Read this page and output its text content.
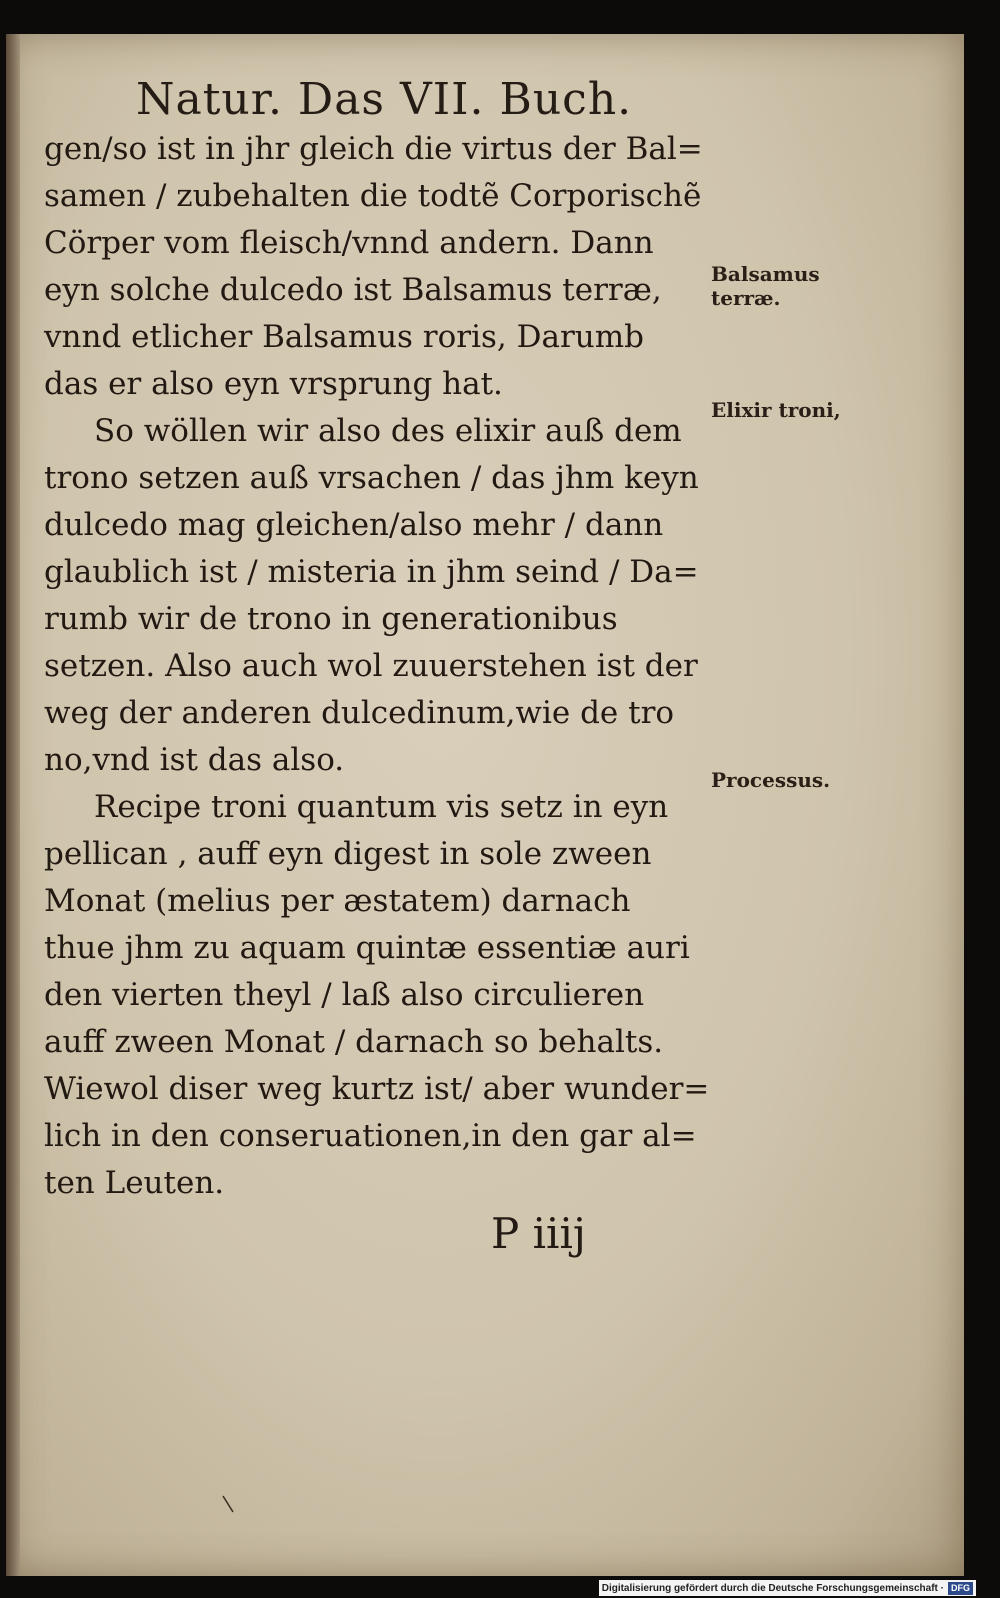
Natur. Das VII. Buch.
gen/so ist in jhr gleich die virtus der Bal=
samen / zubehalten die todtẽ Corporischẽ
Cörper vom fleisch/vnnd andern. Dann
eyn solche dulcedo ist Balsamus terræ,
vnnd etlicher Balsamus roris, Darumb
das er also eyn vrsprung hat.
So wöllen wir also des elixir auß dem
trono setzen auß vrsachen / das jhm keyn
dulcedo mag gleichen/also mehr / dann
glaublich ist / misteria in jhm seind / Da=
rumb wir de trono in generationibus
setzen. Also auch wol zuuerstehen ist der
weg der anderen dulcedinum,wie de tro
no,vnd ist das also.
Recipe troni quantum vis setz in eyn
pellican , auff eyn digest in sole zween
Monat (melius per æstatem) darnach
thue jhm zu aquam quintæ essentiæ auri
den vierten theyl / laß also circulieren
auff zween Monat / darnach so behalts.
Wiewol diser weg kurtz ist/ aber wunder=
lich in den conseruationen,in den gar al=
ten Leuten.
Balsamus
terræ.
Elixir troni,
Processus.
P iiij
Digitalisierung gefördert durch die Deutsche Forschungsgemeinschaft · DFG
